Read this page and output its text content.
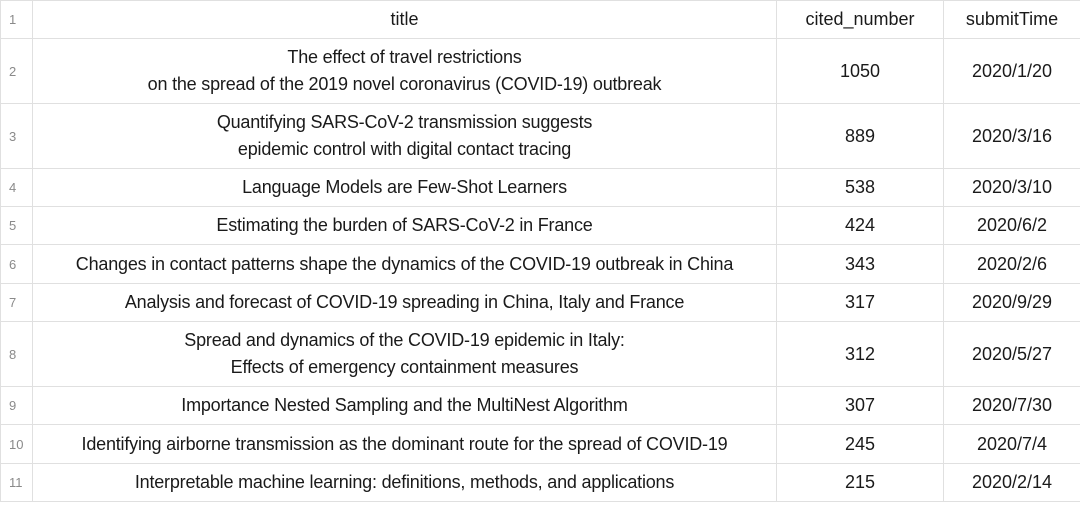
1	title	cited_number	submitTime
2	The effect of travel restrictions
on the spread of the 2019 novel coronavirus (COVID-19) outbreak	1050	2020/1/20
3	Quantifying SARS-CoV-2 transmission suggests
epidemic control with digital contact tracing	889	2020/3/16
4	Language Models are Few-Shot Learners	538	2020/3/10
5	Estimating the burden of SARS-CoV-2 in France	424	2020/6/2
6	Changes in contact patterns shape the dynamics of the COVID-19 outbreak in China	343	2020/2/6
7	Analysis and forecast of COVID-19 spreading in China, Italy and France	317	2020/9/29
8	Spread and dynamics of the COVID-19 epidemic in Italy:
Effects of emergency containment measures	312	2020/5/27
9	Importance Nested Sampling and the MultiNest Algorithm	307	2020/7/30
10	Identifying airborne transmission as the dominant route for the spread of COVID-19	245	2020/7/4
11	Interpretable machine learning: definitions, methods, and applications	215	2020/2/14
